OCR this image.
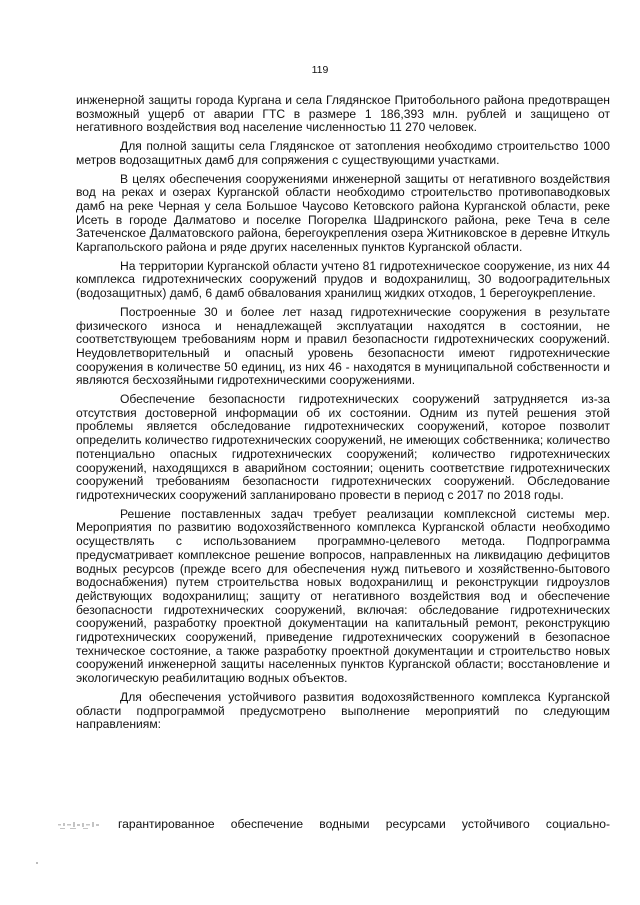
119

инженерной защиты города Кургана и села Глядянское Притобольного района предотвращен возможный ущерб от аварии ГТС в размере 1 186,393 млн. рублей и защищено от негативного воздействия вод население численностью 11 270 человек.

Для полной защиты села Глядянское от затопления необходимо строительство 1000 метров водозащитных дамб для сопряжения с существующими участками.

В целях обеспечения сооружениями инженерной защиты от негативного воздействия вод на реках и озерах Курганской области необходимо строительство противопаводковых дамб на реке Черная у села Большое Чаусово Кетовского района Курганской области, реке Исеть в городе Далматово и поселке Погорелка Шадринского района, реке Теча в селе Затеченское Далматовского района, берегоукрепления озера Житниковское в деревне Иткуль Каргапольского района и ряде других населенных пунктов Курганской области.

На территории Курганской области учтено 81 гидротехническое сооружение, из них 44 комплекса гидротехнических сооружений прудов и водохранилищ, 30 водооградительных (водозащитных) дамб, 6 дамб обвалования хранилищ жидких отходов, 1 берегоукрепление.

Построенные 30 и более лет назад гидротехнические сооружения в результате физического износа и ненадлежащей эксплуатации находятся в состоянии, не соответствующем требованиям норм и правил безопасности гидротехнических сооружений. Неудовлетворительный и опасный уровень безопасности имеют гидротехнические сооружения в количестве 50 единиц, из них 46 - находятся в муниципальной собственности и являются бесхозяйными гидротехническими сооружениями.

Обеспечение безопасности гидротехнических сооружений затрудняется из-за отсутствия достоверной информации об их состоянии. Одним из путей решения этой проблемы является обследование гидротехнических сооружений, которое позволит определить количество гидротехнических сооружений, не имеющих собственника; количество потенциально опасных гидротехнических сооружений; количество гидротехнических сооружений, находящихся в аварийном состоянии; оценить соответствие гидротехнических сооружений требованиям безопасности гидротехнических сооружений. Обследование гидротехнических сооружений запланировано провести в период с 2017 по 2018 годы.

Решение поставленных задач требует реализации комплексной системы мер. Мероприятия по развитию водохозяйственного комплекса Курганской области необходимо осуществлять с использованием программно-целевого метода. Подпрограмма предусматривает комплексное решение вопросов, направленных на ликвидацию дефицитов водных ресурсов (прежде всего для обеспечения нужд питьевого и хозяйственно-бытового водоснабжения) путем строительства новых водохранилищ и реконструкции гидроузлов действующих водохранилищ; защиту от негативного воздействия вод и обеспечение безопасности гидротехнических сооружений, включая: обследование гидротехнических сооружений, разработку проектной документации на капитальный ремонт, реконструкцию гидротехнических сооружений, приведение гидротехнических сооружений в безопасное техническое состояние, а также разработку проектной документации и строительство новых сооружений инженерной защиты населенных пунктов Курганской области; восстановление и экологическую реабилитацию водных объектов.

Для обеспечения устойчивого развития водохозяйственного комплекса Курганской области подпрограммой предусмотрено выполнение мероприятий по следующим направлениям:

гарантированное обеспечение водными ресурсами устойчивого социально-
